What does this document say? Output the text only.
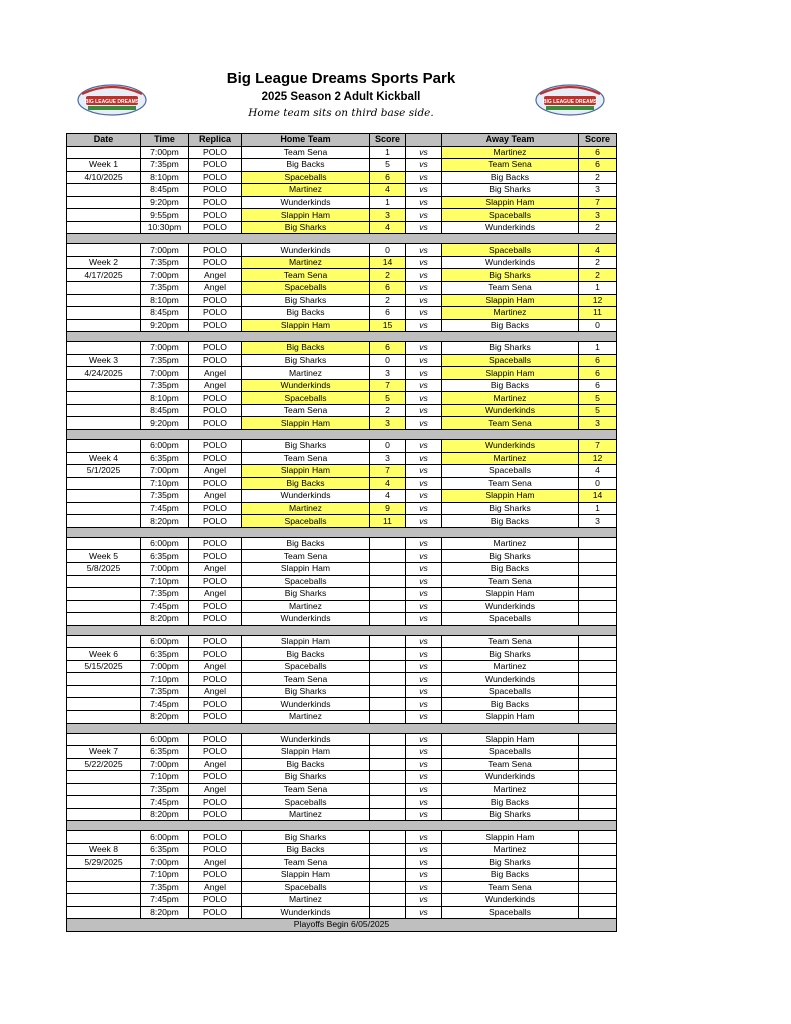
BIG LEAGUE DREAMS	BIG LEAGUE DREAMS
Big League Dreams Sports Park
2025 Season 2 Adult Kickball
Home team sits on third base side.
Date	Time	Replica	Home Team	Score		Away Team	Score
	7:00pm	POLO	Team Sena	1	vs	Martinez	6
Week 1	7:35pm	POLO	Big Backs	5	vs	Team Sena	6
4/10/2025	8:10pm	POLO	Spaceballs	6	vs	Big Backs	2
	8:45pm	POLO	Martinez	4	vs	Big Sharks	3
	9:20pm	POLO	Wunderkinds	1	vs	Slappin Ham	7
	9:55pm	POLO	Slappin Ham	3	vs	Spaceballs	3
	10:30pm	POLO	Big Sharks	4	vs	Wunderkinds	2

	7:00pm	POLO	Wunderkinds	0	vs	Spaceballs	4
Week 2	7:35pm	POLO	Martinez	14	vs	Wunderkinds	2
4/17/2025	7:00pm	Angel	Team Sena	2	vs	Big Sharks	2
	7:35pm	Angel	Spaceballs	6	vs	Team Sena	1
	8:10pm	POLO	Big Sharks	2	vs	Slappin Ham	12
	8:45pm	POLO	Big Backs	6	vs	Martinez	11
	9:20pm	POLO	Slappin Ham	15	vs	Big Backs	0

	7:00pm	POLO	Big Backs	6	vs	Big Sharks	1
Week 3	7:35pm	POLO	Big Sharks	0	vs	Spaceballs	6
4/24/2025	7:00pm	Angel	Martinez	3	vs	Slappin Ham	6
	7:35pm	Angel	Wunderkinds	7	vs	Big Backs	6
	8:10pm	POLO	Spaceballs	5	vs	Martinez	5
	8:45pm	POLO	Team Sena	2	vs	Wunderkinds	5
	9:20pm	POLO	Slappin Ham	3	vs	Team Sena	3

	6:00pm	POLO	Big Sharks	0	vs	Wunderkinds	7
Week 4	6:35pm	POLO	Team Sena	3	vs	Martinez	12
5/1/2025	7:00pm	Angel	Slappin Ham	7	vs	Spaceballs	4
	7:10pm	POLO	Big Backs	4	vs	Team Sena	0
	7:35pm	Angel	Wunderkinds	4	vs	Slappin Ham	14
	7:45pm	POLO	Martinez	9	vs	Big Sharks	1
	8:20pm	POLO	Spaceballs	11	vs	Big Backs	3

	6:00pm	POLO	Big Backs		vs	Martinez	
Week 5	6:35pm	POLO	Team Sena		vs	Big Sharks	
5/8/2025	7:00pm	Angel	Slappin Ham		vs	Big Backs	
	7:10pm	POLO	Spaceballs		vs	Team Sena	
	7:35pm	Angel	Big Sharks		vs	Slappin Ham	
	7:45pm	POLO	Martinez		vs	Wunderkinds	
	8:20pm	POLO	Wunderkinds		vs	Spaceballs	

	6:00pm	POLO	Slappin Ham		vs	Team Sena	
Week 6	6:35pm	POLO	Big Backs		vs	Big Sharks	
5/15/2025	7:00pm	Angel	Spaceballs		vs	Martinez	
	7:10pm	POLO	Team Sena		vs	Wunderkinds	
	7:35pm	Angel	Big Sharks		vs	Spaceballs	
	7:45pm	POLO	Wunderkinds		vs	Big Backs	
	8:20pm	POLO	Martinez		vs	Slappin Ham	

	6:00pm	POLO	Wunderkinds		vs	Slappin Ham	
Week 7	6:35pm	POLO	Slappin Ham		vs	Spaceballs	
5/22/2025	7:00pm	Angel	Big Backs		vs	Team Sena	
	7:10pm	POLO	Big Sharks		vs	Wunderkinds	
	7:35pm	Angel	Team Sena		vs	Martinez	
	7:45pm	POLO	Spaceballs		vs	Big Backs	
	8:20pm	POLO	Martinez		vs	Big Sharks	

	6:00pm	POLO	Big Sharks		vs	Slappin Ham	
Week 8	6:35pm	POLO	Big Backs		vs	Martinez	
5/29/2025	7:00pm	Angel	Team Sena		vs	Big Sharks	
	7:10pm	POLO	Slappin Ham		vs	Big Backs	
	7:35pm	Angel	Spaceballs		vs	Team Sena	
	7:45pm	POLO	Martinez		vs	Wunderkinds	
	8:20pm	POLO	Wunderkinds		vs	Spaceballs	
Playoffs Begin 6/05/2025							
